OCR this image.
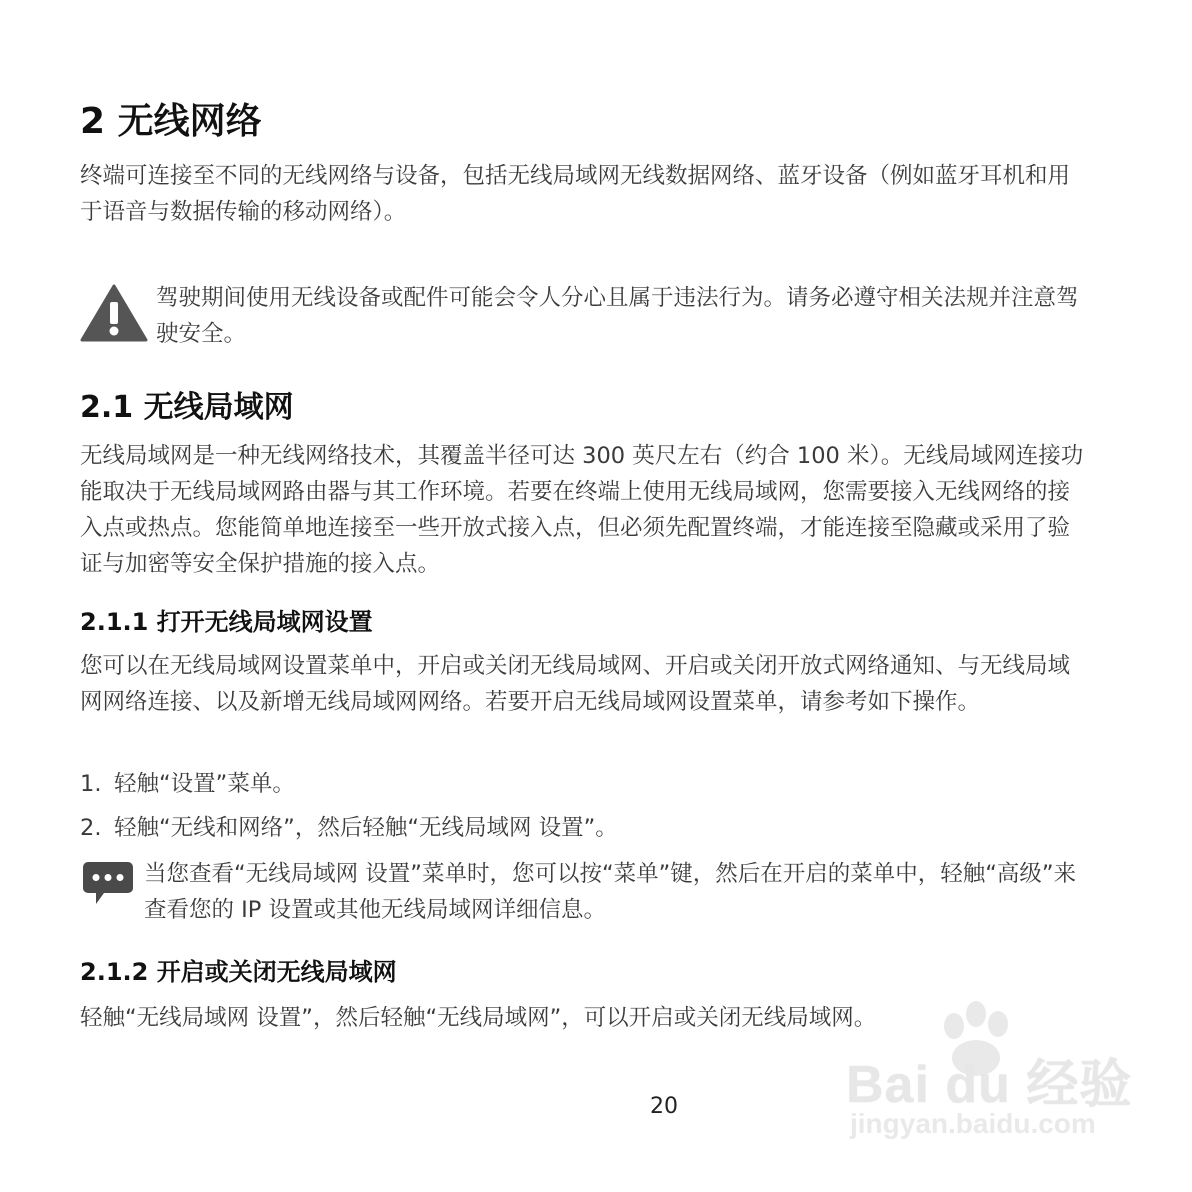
2 无线网络

终端可连接至不同的无线网络与设备，包括无线局域网无线数据网络、蓝牙设备（例如蓝牙耳机和用于语音与数据传输的移动网络）。

驾驶期间使用无线设备或配件可能会令人分心且属于违法行为。请务必遵守相关法规并注意驾驶安全。

2.1 无线局域网

无线局域网是一种无线网络技术，其覆盖半径可达 300 英尺左右（约合 100 米）。无线局域网连接功能取决于无线局域网路由器与其工作环境。若要在终端上使用无线局域网，您需要接入无线网络的接入点或热点。您能简单地连接至一些开放式接入点，但必须先配置终端，才能连接至隐藏或采用了验证与加密等安全保护措施的接入点。

2.1.1 打开无线局域网设置

您可以在无线局域网设置菜单中，开启或关闭无线局域网、开启或关闭开放式网络通知、与无线局域网网络连接、以及新增无线局域网网络。若要开启无线局域网设置菜单，请参考如下操作。

1. 轻触“设置”菜单。
2. 轻触“无线和网络”，然后轻触“无线局域网 设置”。

当您查看“无线局域网 设置”菜单时，您可以按“菜单”键，然后在开启的菜单中，轻触“高级”来查看您的 IP 设置或其他无线局域网详细信息。

2.1.2 开启或关闭无线局域网

轻触“无线局域网 设置”，然后轻触“无线局域网”，可以开启或关闭无线局域网。

20	Bai du 经验
jingyan.baidu.com
